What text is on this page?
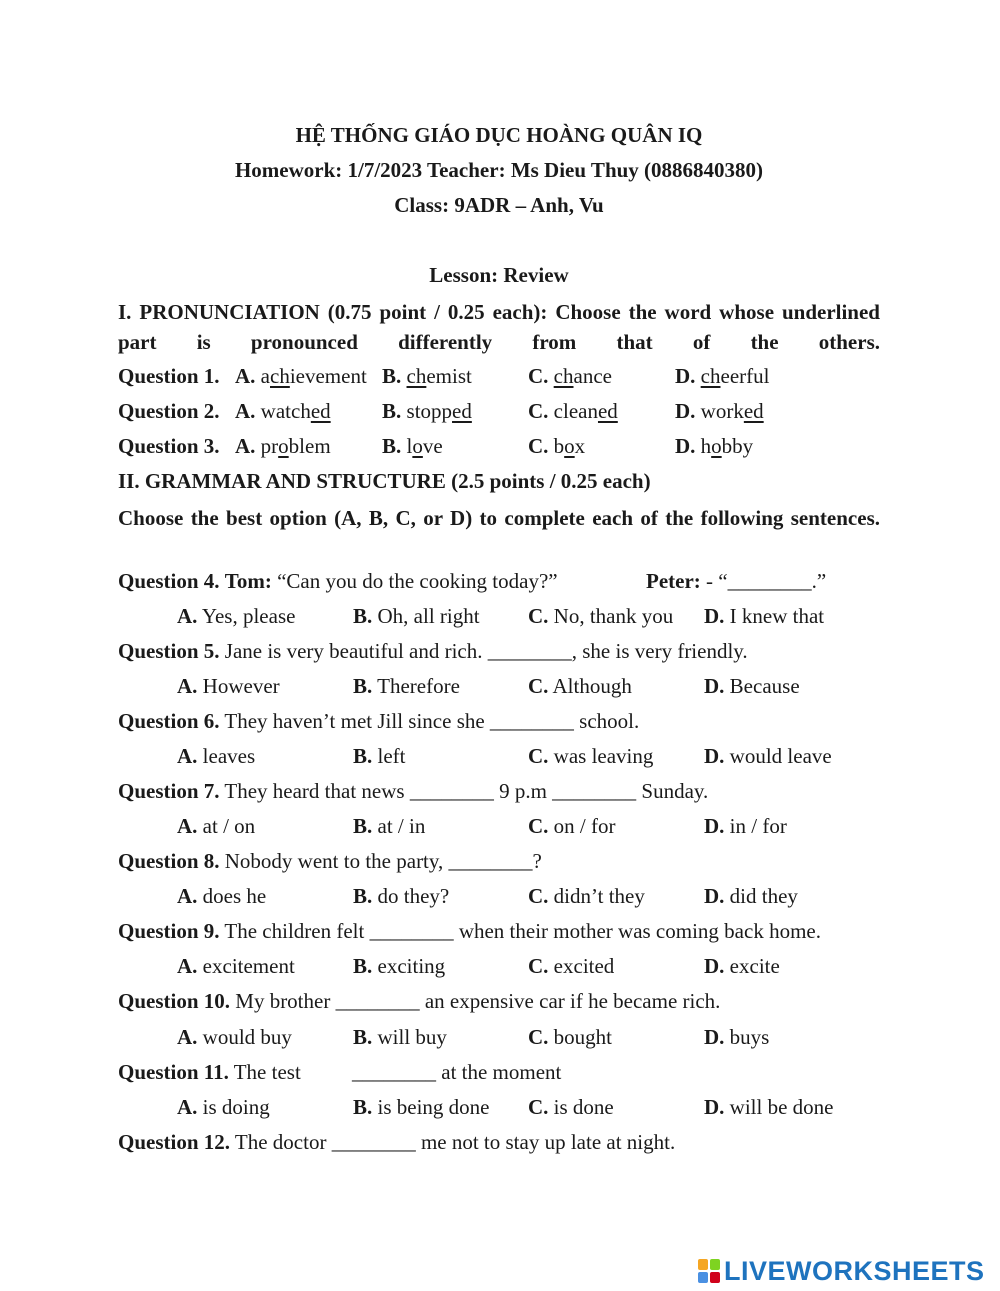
HỆ THỐNG GIÁO DỤC HOÀNG QUÂN IQ
Homework: 1/7/2023 Teacher: Ms Dieu Thuy (0886840380)
Class: 9ADR – Anh, Vu
Lesson: Review
I. PRONUNCIATION (0.75 point / 0.25 each): Choose the word whose underlined part is pronounced differently from that of the others.
Question 1. A. achievement B. chemist	C. chance	D. cheerful
Question 2. A. watched B. stopped	C. cleaned	D. worked
Question 3. A. problem B. love	C. box	D. hobby
II. GRAMMAR AND STRUCTURE (2.5 points / 0.25 each)
Choose the best option (A, B, C, or D) to complete each of the following sentences.
Question 4. Tom: “Can you do the cooking today?”	Peter: - “________.”
A. Yes, please	B. Oh, all right C. No, thank you D. I knew that
Question 5. Jane is very beautiful and rich. ________, she is very friendly.
A. However	B. Therefore	C. Although	D. Because
Question 6. They haven’t met Jill since she ________ school.
A. leaves	B. left	C. was leaving D. would leave
Question 7. They heard that news ________ 9 p.m ________ Sunday.
A. at / on	B. at / in	C. on / for	D. in / for
Question 8. Nobody went to the party, ________?
A. does he	B. do they?	C. didn’t they	D. did they
Question 9. The children felt ________ when their mother was coming back home.
A. excitement	B. exciting	C. excited	D. excite
Question 10. My brother ________ an expensive car if he became rich.
A. would buy	B. will buy	C. bought	D. buys
Question 11. The test ________ at the moment
A. is doing	B. is being done C. is done	D. will be done
Question 12. The doctor ________ me not to stay up late at night.
LIVEWORKSHEETS
